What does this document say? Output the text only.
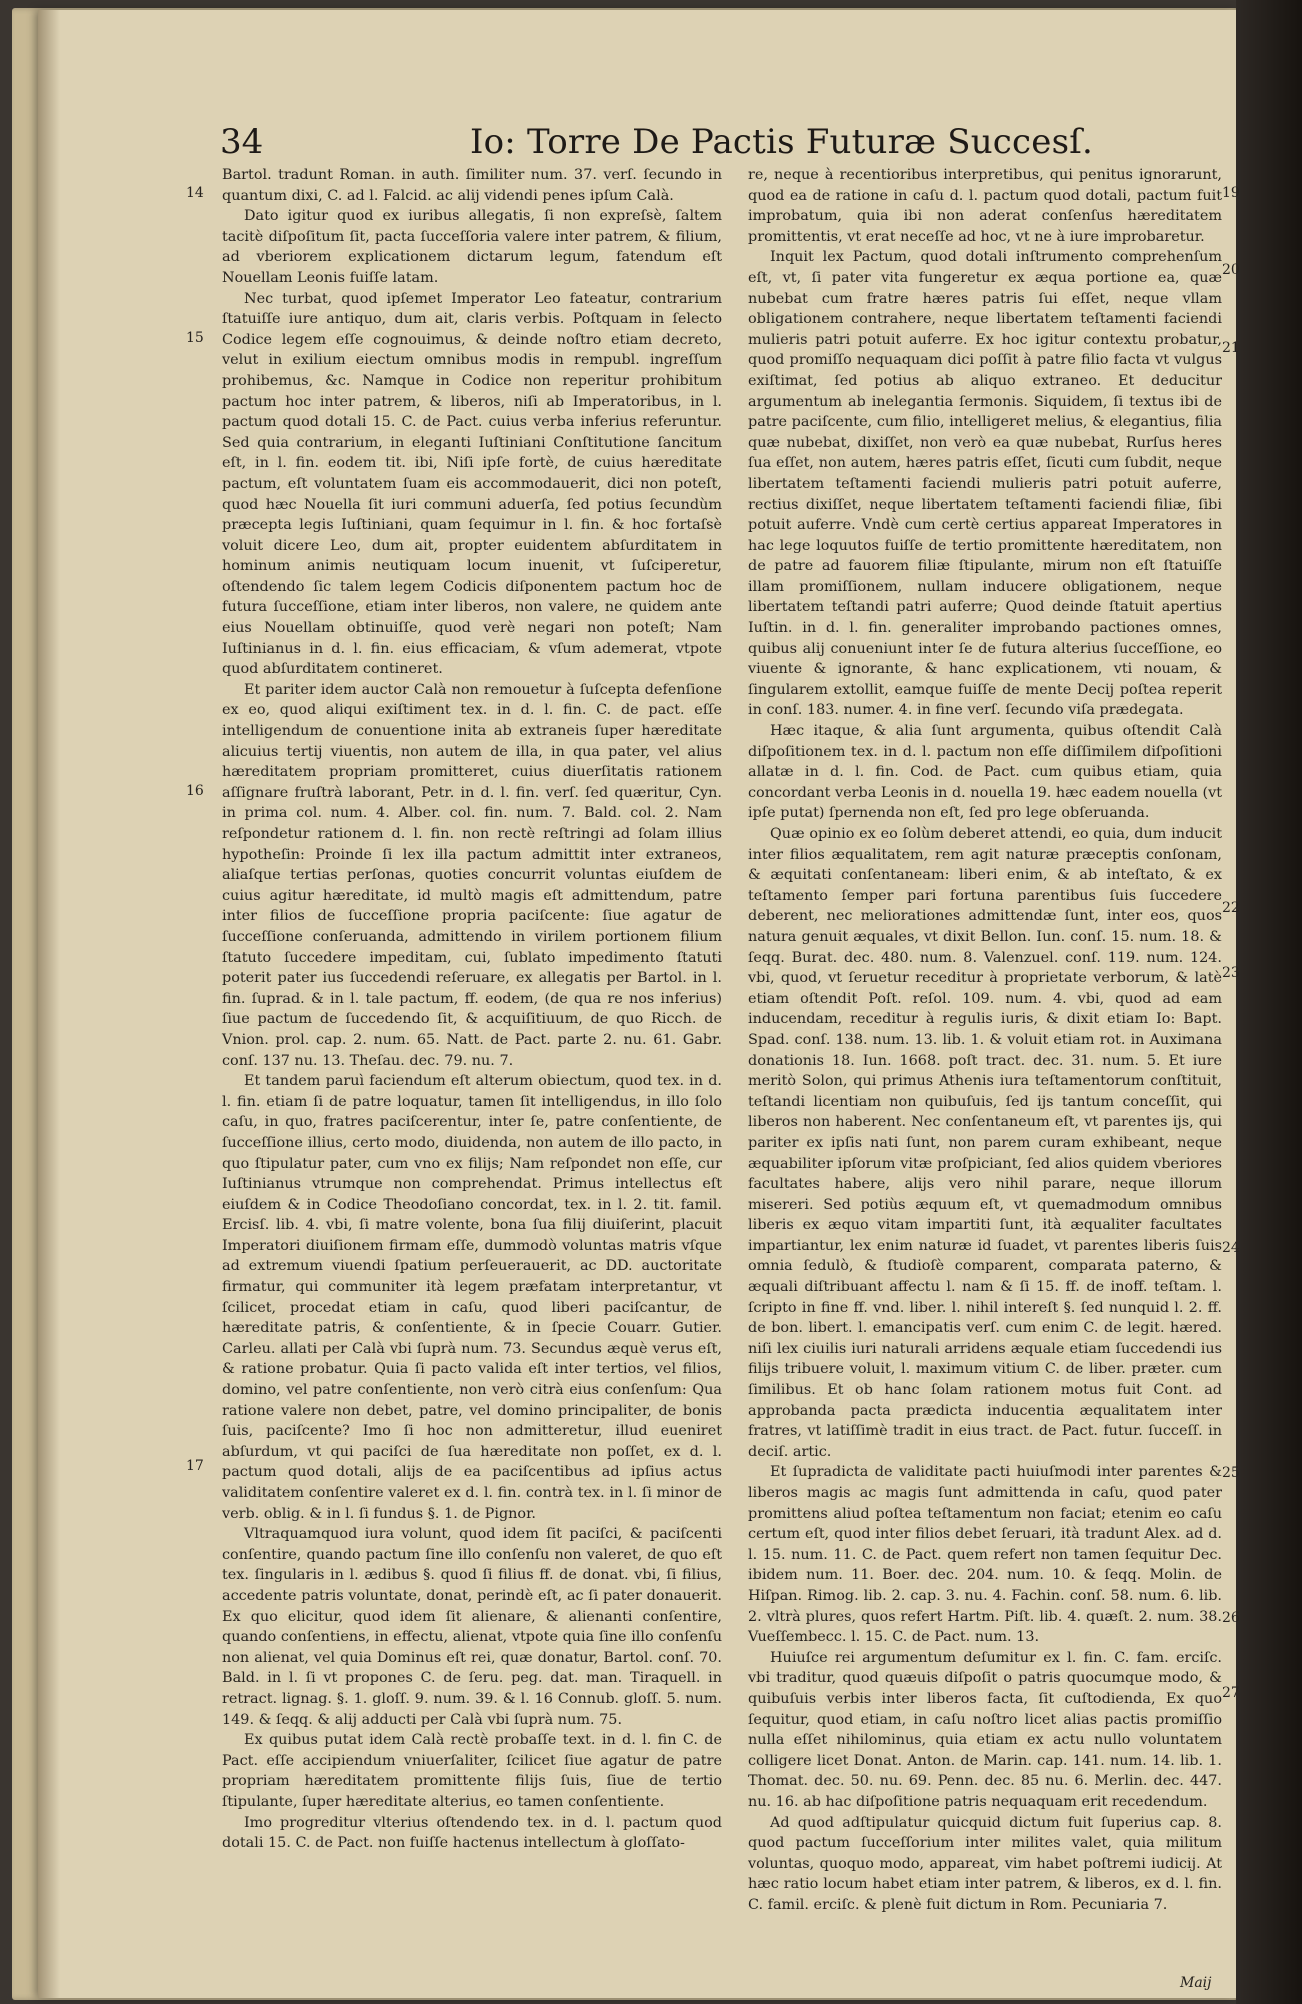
34	Io: Torre De Pactis Futuræ Succesſ.

Bartol. tradunt Roman. in auth. ſimiliter num. 37. verſ. ſecundo in quantum dixi, C. ad l. Falcid. ac alij videndi penes ipſum Calà.

Dato igitur quod ex iuribus allegatis, ſi non expreſsè, ſaltem tacitè diſpoſitum ſit, pacta ſucceſſoria valere inter patrem, & filium, ad vberiorem explicationem dictarum legum, fatendum eſt Nouellam Leonis fuiſſe latam.

Nec turbat, quod ipſemet Imperator Leo fateatur, contrarium ſtatuiſſe iure antiquo, dum ait, claris verbis. Poſtquam in ſelecto Codice legem eſſe cognouimus, & deinde noſtro etiam decreto, velut in exilium eiectum omnibus modis in rempubl. ingreſſum prohibemus, &c. Namque in Codice non reperitur prohibitum pactum hoc inter patrem, & liberos, niſi ab Imperatoribus, in l. pactum quod dotali 15. C. de Pact. cuius verba inferius referuntur. Sed quia contrarium, in eleganti Iuſtiniani Conſtitutione ſancitum eſt, in l. fin. eodem tit. ibi, Niſi ipſe fortè, de cuius hæreditate pactum, eſt voluntatem ſuam eis accommodauerit, dici non poteſt, quod hæc Nouella ſit iuri communi aduerſa, ſed potius ſecundùm præcepta legis Iuſtiniani, quam ſequimur in l. fin. & hoc fortaſsè voluit dicere Leo, dum ait, propter euidentem abſurditatem in hominum animis neutiquam locum inuenit, vt ſuſciperetur, oſtendendo ſic talem legem Codicis diſponentem pactum hoc de futura ſucceſſione, etiam inter liberos, non valere, ne quidem ante eius Nouellam obtinuiſſe, quod verè negari non poteſt; Nam Iuſtinianus in d. l. fin. eius efficaciam, & vſum ademerat, vtpote quod abſurditatem contineret.

Et pariter idem auctor Calà non remouetur à ſuſcepta defenſione ex eo, quod aliqui exiſtiment tex. in d. l. fin. C. de pact. eſſe intelligendum de conuentione inita ab extraneis ſuper hæreditate alicuius tertij viuentis, non autem de illa, in qua pater, vel alius hæreditatem propriam promitteret, cuius diuerſitatis rationem aſſignare fruſtrà laborant, Petr. in d. l. fin. verſ. ſed quæritur, Cyn. in prima col. num. 4. Alber. col. fin. num. 7. Bald. col. 2. Nam reſpondetur rationem d. l. fin. non rectè reſtringi ad ſolam illius hypotheſin: Proinde ſi lex illa pactum admittit inter extraneos, aliaſque tertias perſonas, quoties concurrit voluntas eiuſdem de cuius agitur hæreditate, id multò magis eſt admittendum, patre inter filios de ſucceſſione propria paciſcente: ſiue agatur de ſucceſſione conſeruanda, admittendo in virilem portionem filium ſtatuto ſuccedere impeditam, cui, ſublato impedimento ſtatuti poterit pater ius ſuccedendi reſeruare, ex allegatis per Bartol. in l. fin. ſuprad. & in l. tale pactum, ff. eodem, (de qua re nos inferius) ſiue pactum de ſuccedendo ſit, & acquiſitiuum, de quo Ricch. de Vnion. prol. cap. 2. num. 65. Natt. de Pact. parte 2. nu. 61. Gabr. conſ. 137 nu. 13. Theſau. dec. 79. nu. 7.

Et tandem paruì faciendum eſt alterum obiectum, quod tex. in d. l. fin. etiam ſi de patre loquatur, tamen ſit intelligendus, in illo ſolo caſu, in quo, fratres paciſcerentur, inter ſe, patre conſentiente, de ſucceſſione illius, certo modo, diuidenda, non autem de illo pacto, in quo ſtipulatur pater, cum vno ex filijs; Nam reſpondet non eſſe, cur Iuſtinianus vtrumque non comprehendat. Primus intellectus eſt eiuſdem & in Codice Theodoſiano concordat, tex. in l. 2. tit. famil. Ercisſ. lib. 4. vbi, ſi matre volente, bona ſua filij diuiſerint, placuit Imperatori diuiſionem firmam eſſe, dummodò voluntas matris vſque ad extremum viuendi ſpatium perſeuerauerit, ac DD. auctoritate firmatur, qui communiter ità legem præfatam interpretantur, vt ſcilicet, procedat etiam in caſu, quod liberi paciſcantur, de hæreditate patris, & conſentiente, & in ſpecie Couarr. Gutier. Carleu. allati per Calà vbi ſuprà num. 73. Secundus æquè verus eſt, & ratione probatur. Quia ſi pacto valida eſt inter tertios, vel filios, domino, vel patre conſentiente, non verò citrà eius conſenſum: Qua ratione valere non debet, patre, vel domino principaliter, de bonis ſuis, paciſcente? Imo ſi hoc non admitteretur, illud eueniret abſurdum, vt qui paciſci de ſua hæreditate non poſſet, ex d. l. pactum quod dotali, alijs de ea paciſcentibus ad ipſius actus validitatem conſentire valeret ex d. l. fin. contrà tex. in l. ſi minor de verb. oblig. & in l. ſi fundus §. 1. de Pignor.

Vltraquamquod iura volunt, quod idem ſit paciſci, & paciſcenti conſentire, quando pactum ſine illo conſenſu non valeret, de quo eſt tex. ſingularis in l. ædibus §. quod ſi filius ff. de donat. vbi, ſi filius, accedente patris voluntate, donat, perindè eſt, ac ſi pater donauerit. Ex quo elicitur, quod idem ſit alienare, & alienanti conſentire, quando conſentiens, in effectu, alienat, vtpote quia ſine illo conſenſu non alienat, vel quia Dominus eſt rei, quæ donatur, Bartol. conſ. 70. Bald. in l. ſi vt propones C. de ſeru. peg. dat. man. Tiraquell. in retract. lignag. §. 1. gloſſ. 9. num. 39. & l. 16 Connub. gloſſ. 5. num. 149. & ſeqq. & alij adducti per Calà vbi ſuprà num. 75.

Ex quibus putat idem Calà rectè probaſſe text. in d. l. fin C. de Pact. eſſe accipiendum vniuerſaliter, ſcilicet ſiue agatur de patre propriam hæreditatem promittente filijs ſuis, ſiue de tertio ſtipulante, ſuper hæreditate alterius, eo tamen conſentiente.

Imo progreditur vlterius oſtendendo tex. in d. l. pactum quod dotali 15. C. de Pact. non fuiſſe hactenus intellectum à gloſſato-

re, neque à recentioribus interpretibus, qui penitus ignorarunt, quod ea de ratione in caſu d. l. pactum quod dotali, pactum fuit improbatum, quia ibi non aderat conſenſus hæreditatem promittentis, vt erat neceſſe ad hoc, vt ne à iure improbaretur.

Inquit lex Pactum, quod dotali inſtrumento comprehenſum eſt, vt, ſi pater vita fungeretur ex æqua portione ea, quæ nubebat cum fratre hæres patris ſui eſſet, neque vllam obligationem contrahere, neque libertatem teſtamenti faciendi mulieris patri potuit auferre. Ex hoc igitur contextu probatur, quod promiſſo nequaquam dici poſſit à patre filio facta vt vulgus exiſtimat, ſed potius ab aliquo extraneo. Et deducitur argumentum ab inelegantia ſermonis. Siquidem, ſi textus ibi de patre paciſcente, cum filio, intelligeret melius, & elegantius, filia quæ nubebat, dixiſſet, non verò ea quæ nubebat, Rurſus heres ſua eſſet, non autem, hæres patris eſſet, ſicuti cum ſubdit, neque libertatem teſtamenti faciendi mulieris patri potuit auferre, rectius dixiſſet, neque libertatem teſtamenti faciendi filiæ, ſibi potuit auferre. Vndè cum certè certius appareat Imperatores in hac lege loquutos fuiſſe de tertio promittente hæreditatem, non de patre ad fauorem filiæ ſtipulante, mirum non eſt ſtatuiſſe illam promiſſionem, nullam inducere obligationem, neque libertatem teſtandi patri auferre; Quod deinde ſtatuit apertius Iuſtin. in d. l. fin. generaliter improbando pactiones omnes, quibus alij conueniunt inter ſe de futura alterius ſucceſſione, eo viuente & ignorante, & hanc explicationem, vti nouam, & ſingularem extollit, eamque fuiſſe de mente Decij poſtea reperit in conſ. 183. numer. 4. in fine verſ. ſecundo viſa prædegata.

Hæc itaque, & alia ſunt argumenta, quibus oſtendit Calà diſpoſitionem tex. in d. l. pactum non eſſe diſſimilem diſpoſitioni allatæ in d. l. fin. Cod. de Pact. cum quibus etiam, quia concordant verba Leonis in d. nouella 19. hæc eadem nouella (vt ipſe putat) ſpernenda non eſt, ſed pro lege obſeruanda.

Quæ opinio ex eo ſolùm deberet attendi, eo quia, dum inducit inter filios æqualitatem, rem agit naturæ præceptis conſonam, & æquitati conſentaneam: liberi enim, & ab inteſtato, & ex teſtamento ſemper pari fortuna parentibus ſuis ſuccedere deberent, nec meliorationes admittendæ ſunt, inter eos, quos natura genuit æquales, vt dixit Bellon. Iun. conſ. 15. num. 18. & ſeqq. Burat. dec. 480. num. 8. Valenzuel. conſ. 119. num. 124. vbi, quod, vt ſeruetur receditur à proprietate verborum, & latè etiam oſtendit Poſt. reſol. 109. num. 4. vbi, quod ad eam inducendam, receditur à regulis iuris, & dixit etiam Io: Bapt. Spad. conſ. 138. num. 13. lib. 1. & voluit etiam rot. in Auximana donationis 18. Iun. 1668. poſt tract. dec. 31. num. 5. Et iure meritò Solon, qui primus Athenis iura teſtamentorum conſtituit, teſtandi licentiam non quibuſuis, ſed ijs tantum conceſſit, qui liberos non haberent. Nec conſentaneum eſt, vt parentes ijs, qui pariter ex ipſis nati ſunt, non parem curam exhibeant, neque æquabiliter ipſorum vitæ proſpiciant, ſed alios quidem vberiores facultates habere, alijs vero nihil parare, neque illorum misereri. Sed potiùs æquum eſt, vt quemadmodum omnibus liberis ex æquo vitam impartiti ſunt, ità æqualiter facultates impartiantur, lex enim naturæ id ſuadet, vt parentes liberis ſuis omnia ſedulò, & ſtudioſè comparent, comparata paterno, & æquali diſtribuant affectu l. nam & ſi 15. ff. de inoff. teſtam. l. ſcripto in fine ff. vnd. liber. l. nihil intereſt §. ſed nunquid l. 2. ff. de bon. libert. l. emancipatis verſ. cum enim C. de legit. hæred. niſi lex ciuilis iuri naturali arridens æquale etiam ſuccedendi ius filijs tribuere voluit, l. maximum vitium C. de liber. præter. cum ſimilibus. Et ob hanc ſolam rationem motus fuit Cont. ad approbanda pacta prædicta inducentia æqualitatem inter fratres, vt latiſſimè tradit in eius tract. de Pact. futur. ſucceſſ. in deciſ. artic.

Et ſupradicta de validitate pacti huiuſmodi inter parentes & liberos magis ac magis ſunt admittenda in caſu, quod pater promittens aliud poſtea teſtamentum non faciat; etenim eo caſu certum eſt, quod inter filios debet ſeruari, ità tradunt Alex. ad d. l. 15. num. 11. C. de Pact. quem refert non tamen ſequitur Dec. ibidem num. 11. Boer. dec. 204. num. 10. & ſeqq. Molin. de Hiſpan. Rimog. lib. 2. cap. 3. nu. 4. Fachin. conſ. 58. num. 6. lib. 2. vltrà plures, quos refert Hartm. Piſt. lib. 4. quæſt. 2. num. 38. Vueſſembecc. l. 15. C. de Pact. num. 13.

Huiuſce rei argumentum deſumitur ex l. fin. C. fam. erciſc. vbi traditur, quod quæuis diſpoſit o patris quocumque modo, & quibuſuis verbis inter liberos facta, ſit cuſtodienda, Ex quo ſequitur, quod etiam, in caſu noſtro licet alias pactis promiſſio nulla eſſet nihilominus, quia etiam ex actu nullo voluntatem colligere licet Donat. Anton. de Marin. cap. 141. num. 14. lib. 1. Thomat. dec. 50. nu. 69. Penn. dec. 85 nu. 6. Merlin. dec. 447. nu. 16. ab hac diſpoſitione patris nequaquam erit recedendum.

Ad quod adſtipulatur quicquid dictum fuit ſuperius cap. 8. quod pactum ſucceſſorium inter milites valet, quia militum voluntas, quoquo modo, appareat, vim habet poſtremi iudicij. At hæc ratio locum habet etiam inter patrem, & liberos, ex d. l. fin. C. famil. erciſc. & plenè fuit dictum in Rom. Pecuniaria 7.

14
15
16
17
19
20
21
22
23
24
25
26
27
Maij
